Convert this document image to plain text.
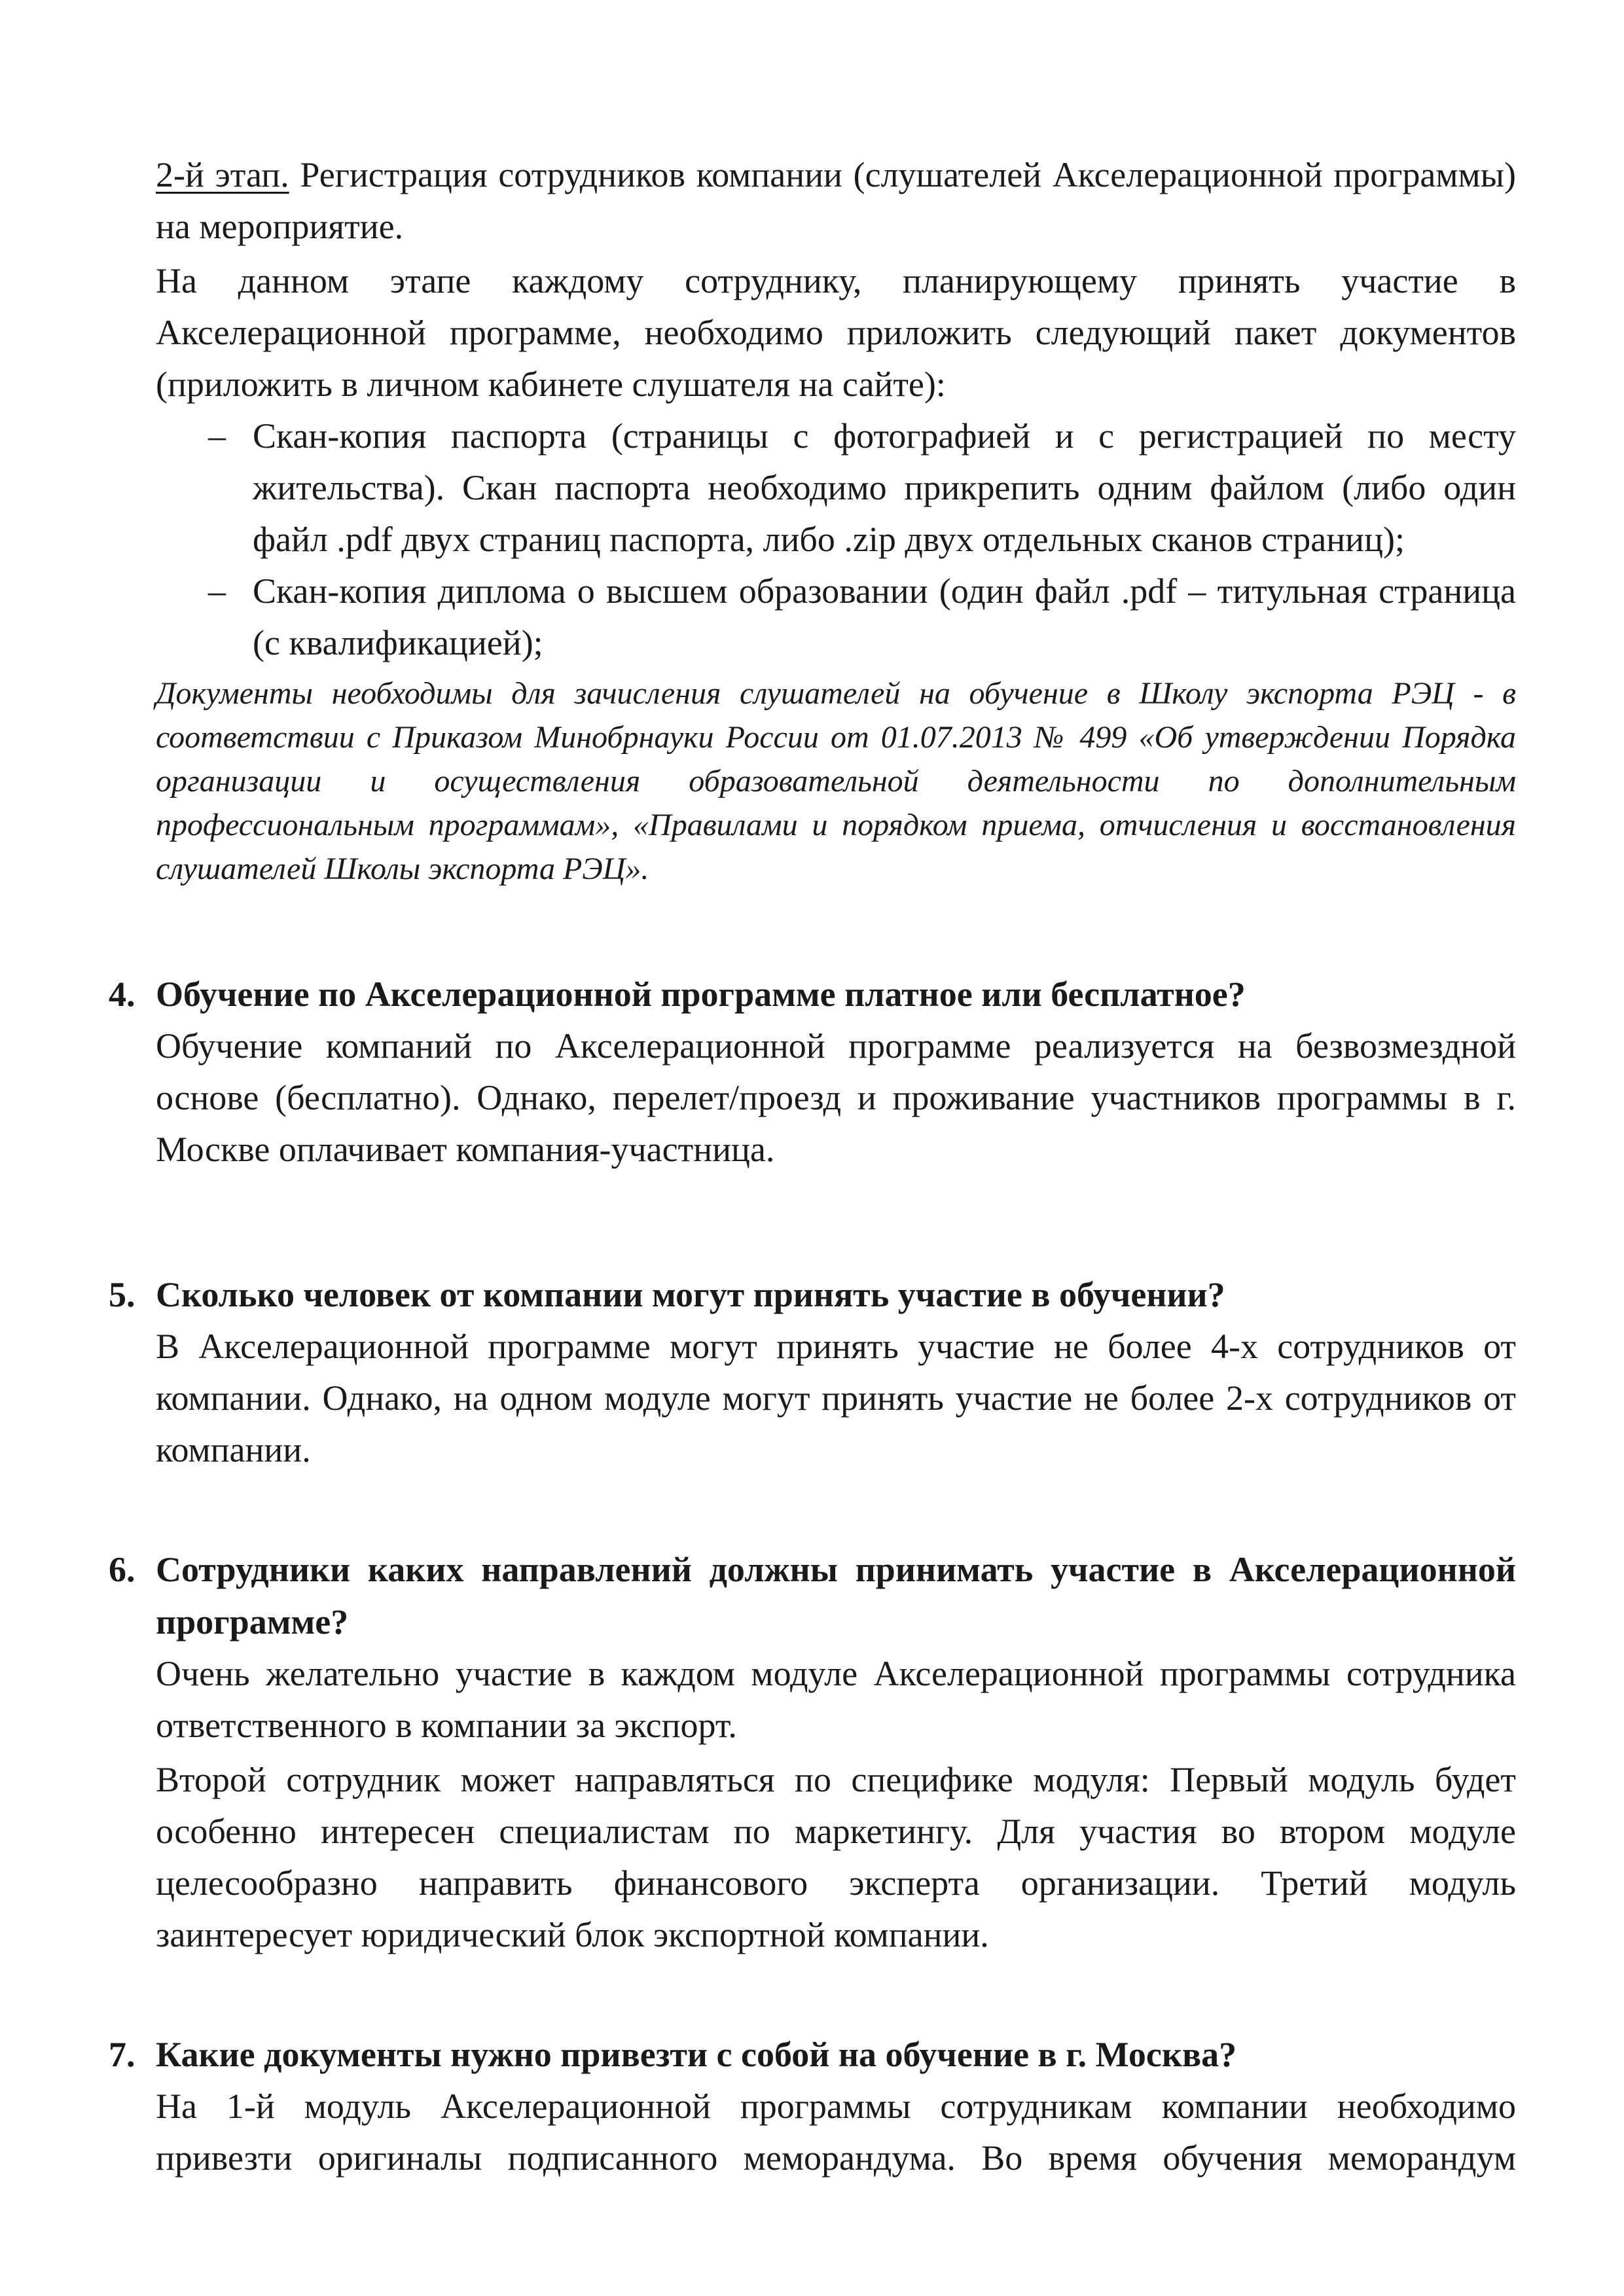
2-й этап. Регистрация сотрудников компании (слушателей Акселерационной программы) на мероприятие.

На данном этапе каждому сотруднику, планирующему принять участие в Акселерационной программе, необходимо приложить следующий пакет документов (приложить в личном кабинете слушателя на сайте):

– Скан-копия паспорта (страницы с фотографией и с регистрацией по месту жительства). Скан паспорта необходимо прикрепить одним файлом (либо один файл .pdf двух страниц паспорта, либо .zip двух отдельных сканов страниц);
– Скан-копия диплома о высшем образовании (один файл .pdf – титульная страница (с квалификацией);

Документы необходимы для зачисления слушателей на обучение в Школу экспорта РЭЦ - в соответствии с Приказом Минобрнауки России от 01.07.2013 № 499 «Об утверждении Порядка организации и осуществления образовательной деятельности по дополнительным профессиональным программам», «Правилами и порядком приема, отчисления и восстановления слушателей Школы экспорта РЭЦ».

4. Обучение по Акселерационной программе платное или бесплатное?

Обучение компаний по Акселерационной программе реализуется на безвозмездной основе (бесплатно). Однако, перелет/проезд и проживание участников программы в г. Москве оплачивает компания-участница.

5. Сколько человек от компании могут принять участие в обучении?

В Акселерационной программе могут принять участие не более 4-х сотрудников от компании. Однако, на одном модуле могут принять участие не более 2-х сотрудников от компании.

6. Сотрудники каких направлений должны принимать участие в Акселерационной программе?

Очень желательно участие в каждом модуле Акселерационной программы сотрудника ответственного в компании за экспорт.

Второй сотрудник может направляться по специфике модуля: Первый модуль будет особенно интересен специалистам по маркетингу. Для участия во втором модуле целесообразно направить финансового эксперта организации. Третий модуль заинтересует юридический блок экспортной компании.

7. Какие документы нужно привезти с собой на обучение в г. Москва?

На 1-й модуль Акселерационной программы сотрудникам компании необходимо привезти оригиналы подписанного меморандума. Во время обучения меморандум
